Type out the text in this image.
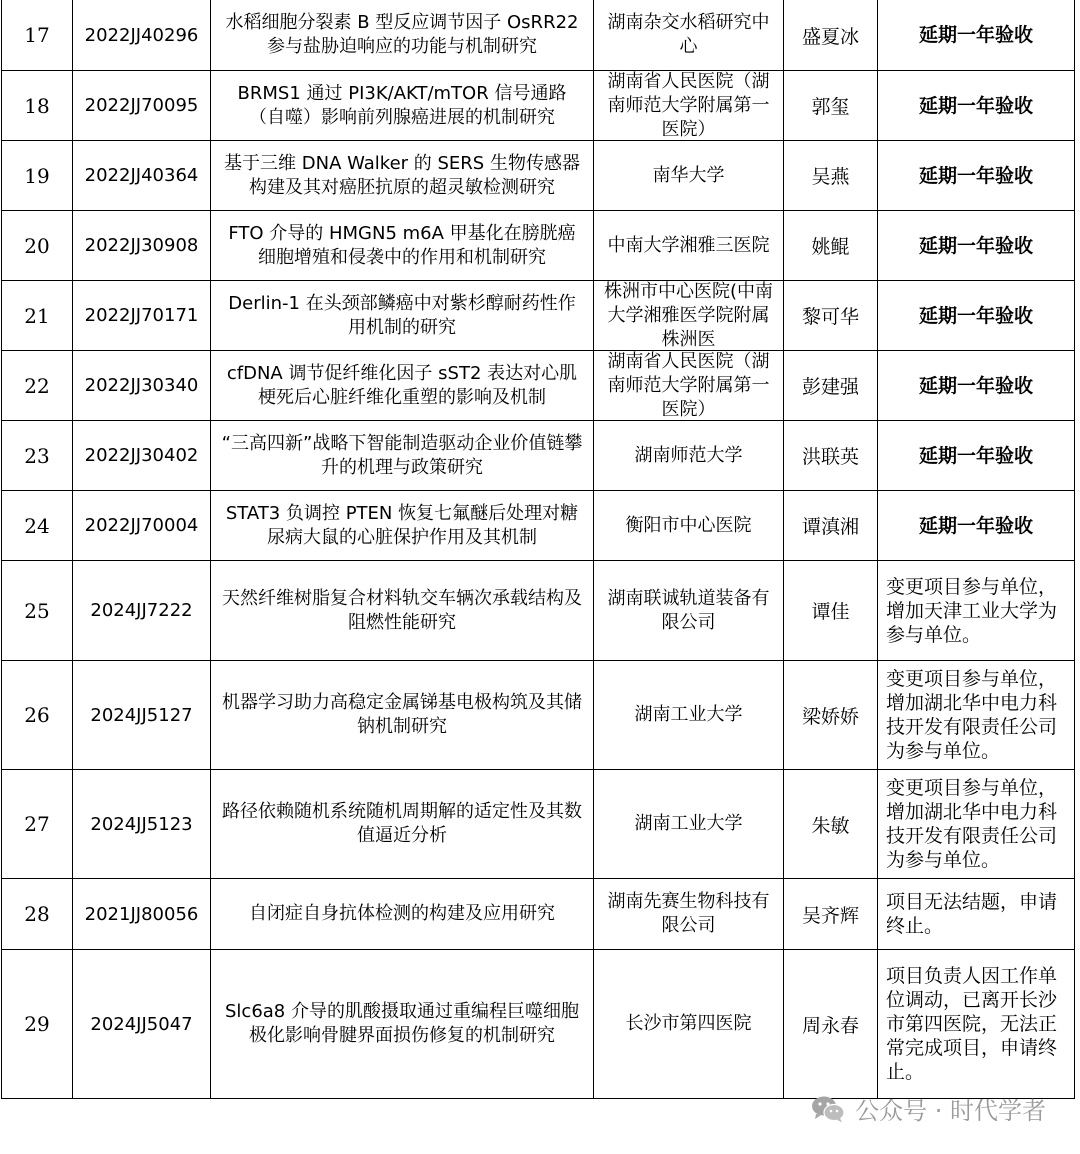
17	2022JJ40296	水稻细胞分裂素 B 型反应调节因子 OsRR22 参与盐胁迫响应的功能与机制研究	湖南杂交水稻研究中心	盛夏冰	延期一年验收

18	2022JJ70095	BRMS1 通过 PI3K/AKT/mTOR 信号通路（自噬）影响前列腺癌进展的机制研究	湖南省人民医院（湖南师范大学附属第一医院）	郭玺	延期一年验收

19	2022JJ40364	基于三维 DNA Walker 的 SERS 生物传感器构建及其对癌胚抗原的超灵敏检测研究	南华大学	吴燕	延期一年验收

20	2022JJ30908	FTO 介导的 HMGN5 m6A 甲基化在膀胱癌细胞增殖和侵袭中的作用和机制研究	中南大学湘雅三医院	姚鲲	延期一年验收

21	2022JJ70171	Derlin-1 在头颈部鳞癌中对紫杉醇耐药性作用机制的研究	株洲市中心医院(中南大学湘雅医学院附属株洲医	黎可华	延期一年验收

22	2022JJ30340	cfDNA 调节促纤维化因子 sST2 表达对心肌梗死后心脏纤维化重塑的影响及机制	湖南省人民医院（湖南师范大学附属第一医院）	彭建强	延期一年验收

23	2022JJ30402	“三高四新”战略下智能制造驱动企业价值链攀升的机理与政策研究	湖南师范大学	洪联英	延期一年验收

24	2022JJ70004	STAT3 负调控 PTEN 恢复七氟醚后处理对糖尿病大鼠的心脏保护作用及其机制	衡阳市中心医院	谭滇湘	延期一年验收

25	2024JJ7222	天然纤维树脂复合材料轨交车辆次承载结构及阻燃性能研究	湖南联诚轨道装备有限公司	谭佳	变更项目参与单位，增加天津工业大学为参与单位。

26	2024JJ5127	机器学习助力高稳定金属锑基电极构筑及其储钠机制研究	湖南工业大学	梁娇娇	变更项目参与单位，增加湖北华中电力科技开发有限责任公司为参与单位。

27	2024JJ5123	路径依赖随机系统随机周期解的适定性及其数值逼近分析	湖南工业大学	朱敏	变更项目参与单位，增加湖北华中电力科技开发有限责任公司为参与单位。

28	2021JJ80056	自闭症自身抗体检测的构建及应用研究	湖南先赛生物科技有限公司	吴齐辉	项目无法结题，申请终止。

29	2024JJ5047	Slc6a8 介导的肌酸摄取通过重编程巨噬细胞极化影响骨腱界面损伤修复的机制研究	长沙市第四医院	周永春	项目负责人因工作单位调动，已离开长沙市第四医院，无法正常完成项目，申请终止。
公众号 · 时代学者
